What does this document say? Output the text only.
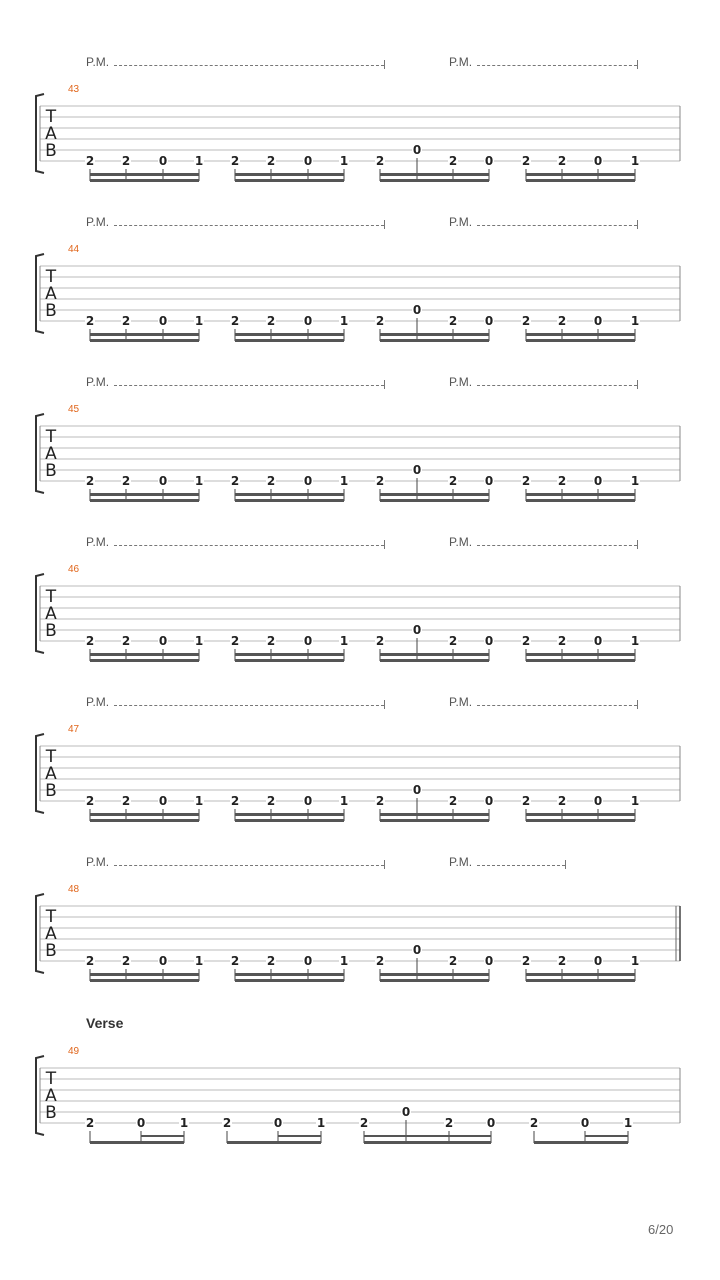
T
A
B 2 2 0 1 2 2 0 1 2
0
2 0 2 2 0 1
T
A
B 2 2 0 1 2 2 0 1 2
0
2 0 2 2 0 1
T
A
B 2 2 0 1 2 2 0 1 2
0
2 0 2 2 0 1
T
A
B 2 2 0 1 2 2 0 1 2
0
2 0 2 2 0 1
T
A
B 2 2 0 1 2 2 0 1 2
0
2 0 2 2 0 1
T
A
B 2 2 0 1 2 2 0 1 2
0
2 0 2 2 0 1
T
A
B 2	0	1	2	0	1	2
0
2	0	2	0	1
P.M.	P.M.
43
P.M.	P.M.
44
P.M.	P.M.
45
P.M.	P.M.
46
P.M.	P.M.
47
P.M.	P.M.
48
Verse
49
6/20
